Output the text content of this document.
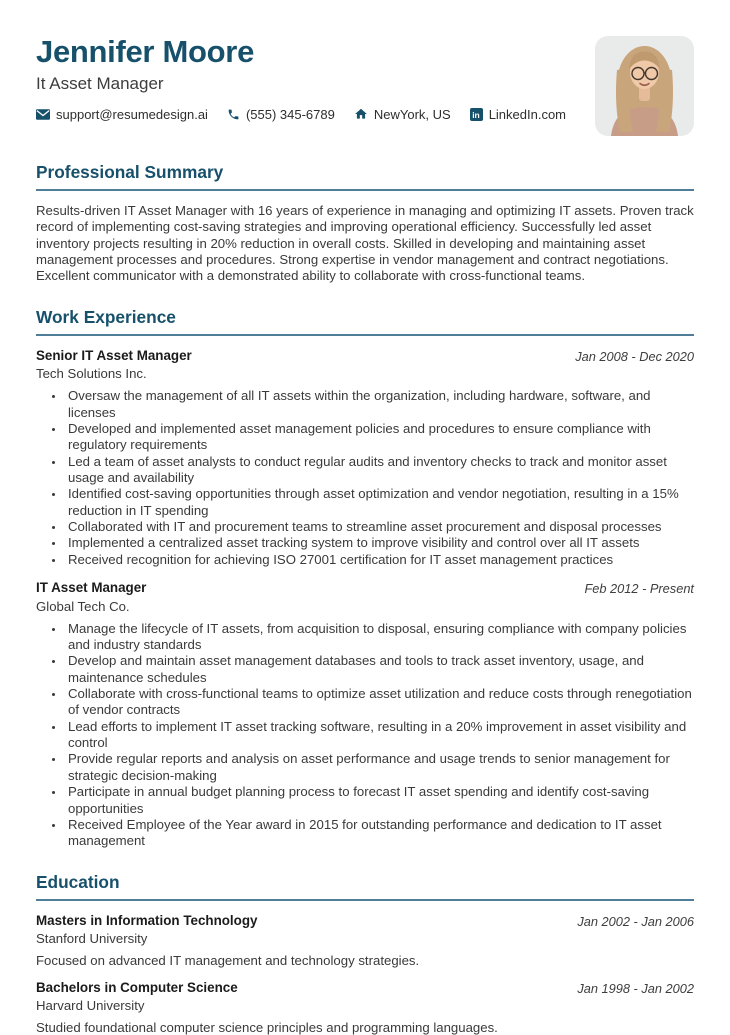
Jennifer Moore
It Asset Manager
support@resumedesign.ai	(555) 345-6789	NewYork, US in LinkedIn.com
Professional Summary

Results-driven IT Asset Manager with 16 years of experience in managing and optimizing IT assets. Proven track record of implementing cost-saving strategies and improving operational efficiency. Successfully led asset inventory projects resulting in 20% reduction in overall costs. Skilled in developing and maintaining asset management processes and procedures. Strong expertise in vendor management and contract negotiations. Excellent communicator with a demonstrated ability to collaborate with cross-functional teams.

Work Experience
Senior IT Asset Manager
Tech Solutions Inc.
Jan 2008 - Dec 2020
• Oversaw the management of all IT assets within the organization, including hardware, software, and licenses
• Developed and implemented asset management policies and procedures to ensure compliance with regulatory requirements
• Led a team of asset analysts to conduct regular audits and inventory checks to track and monitor asset usage and availability
• Identified cost-saving opportunities through asset optimization and vendor negotiation, resulting in a 15% reduction in IT spending
• Collaborated with IT and procurement teams to streamline asset procurement and disposal processes
• Implemented a centralized asset tracking system to improve visibility and control over all IT assets
• Received recognition for achieving ISO 27001 certification for IT asset management practices
IT Asset Manager
Global Tech Co.
Feb 2012 - Present
• Manage the lifecycle of IT assets, from acquisition to disposal, ensuring compliance with company policies and industry standards
• Develop and maintain asset management databases and tools to track asset inventory, usage, and maintenance schedules
• Collaborate with cross-functional teams to optimize asset utilization and reduce costs through renegotiation of vendor contracts
• Lead efforts to implement IT asset tracking software, resulting in a 20% improvement in asset visibility and control
• Provide regular reports and analysis on asset performance and usage trends to senior management for strategic decision-making
• Participate in annual budget planning process to forecast IT asset spending and identify cost-saving opportunities
• Received Employee of the Year award in 2015 for outstanding performance and dedication to IT asset management
Education
Masters in Information Technology
Stanford University
Jan 2002 - Jan 2006

Focused on advanced IT management and technology strategies.

Bachelors in Computer Science
Harvard University
Jan 1998 - Jan 2002

Studied foundational computer science principles and programming languages.
